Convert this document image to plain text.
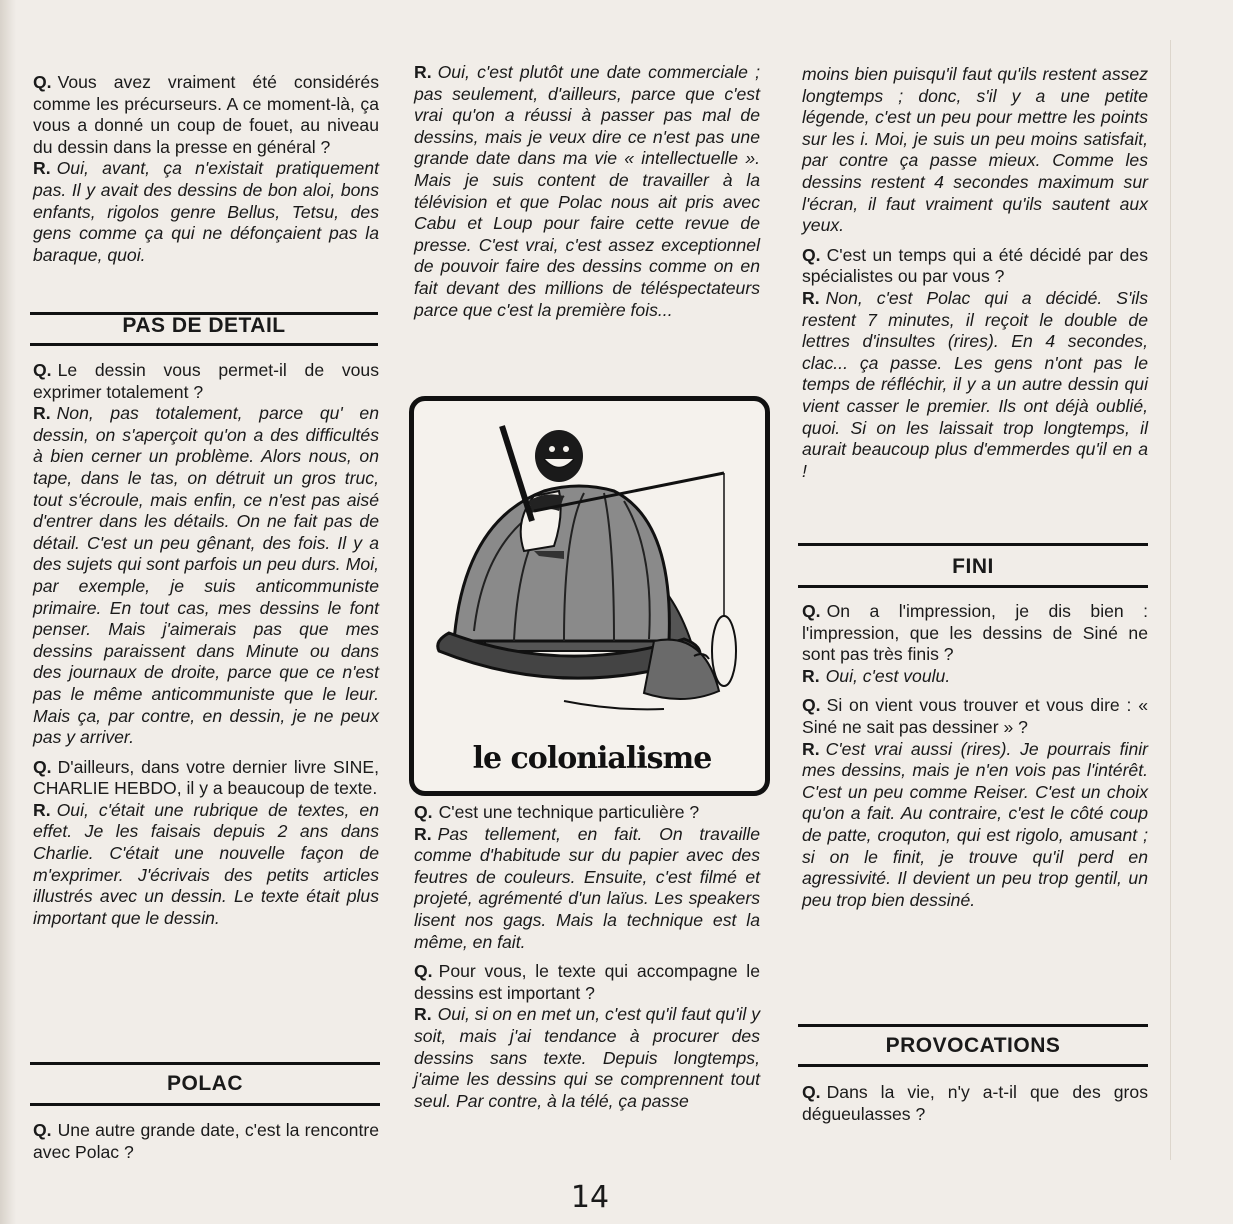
Q. Vous avez vraiment été considérés comme les précurseurs. A ce moment-là, ça vous a donné un coup de fouet, au niveau du dessin dans la presse en général ?
R. Oui, avant, ça n'existait pratiquement pas. Il y avait des dessins de bon aloi, bons enfants, rigolos genre Bellus, Tetsu, des gens comme ça qui ne défonçaient pas la baraque, quoi.

PAS DE DETAIL

Q. Le dessin vous permet-il de vous exprimer totalement ?
R. Non, pas totalement, parce qu' en dessin, on s'aperçoit qu'on a des difficultés à bien cerner un problème. Alors nous, on tape, dans le tas, on détruit un gros truc, tout s'écroule, mais enfin, ce n'est pas aisé d'entrer dans les détails. On ne fait pas de détail. C'est un peu gênant, des fois. Il y a des sujets qui sont parfois un peu durs. Moi, par exemple, je suis anticommuniste primaire. En tout cas, mes dessins le font penser. Mais j'aimerais pas que mes dessins paraissent dans Minute ou dans des journaux de droite, parce que ce n'est pas le même anticommuniste que le leur. Mais ça, par contre, en dessin, je ne peux pas y arriver.

Q. D'ailleurs, dans votre dernier livre SINE, CHARLIE HEBDO, il y a beaucoup de texte.
R. Oui, c'était une rubrique de textes, en effet. Je les faisais depuis 2 ans dans Charlie. C'était une nouvelle façon de m'exprimer. J'écrivais des petits articles illustrés avec un dessin. Le texte était plus important que le dessin.

POLAC

Q. Une autre grande date, c'est la rencontre avec Polac ?

R. Oui, c'est plutôt une date commerciale ; pas seulement, d'ailleurs, parce que c'est vrai qu'on a réussi à passer pas mal de dessins, mais je veux dire ce n'est pas une grande date dans ma vie « intellectuelle ». Mais je suis content de travailler à la télévision et que Polac nous ait pris avec Cabu et Loup pour faire cette revue de presse. C'est vrai, c'est assez exceptionnel de pouvoir faire des dessins comme on en fait devant des millions de téléspectateurs parce que c'est la première fois...

le colonialisme

Q. C'est une technique particulière ?
R. Pas tellement, en fait. On travaille comme d'habitude sur du papier avec des feutres de couleurs. Ensuite, c'est filmé et projeté, agrémenté d'un laïus. Les speakers lisent nos gags. Mais la technique est la même, en fait.

Q. Pour vous, le texte qui accompagne le dessins est important ?
R. Oui, si on en met un, c'est qu'il faut qu'il y soit, mais j'ai tendance à procurer des dessins sans texte. Depuis longtemps, j'aime les dessins qui se comprennent tout seul. Par contre, à la télé, ça passe

moins bien puisqu'il faut qu'ils restent assez longtemps ; donc, s'il y a une petite légende, c'est un peu pour mettre les points sur les i. Moi, je suis un peu moins satisfait, par contre ça passe mieux. Comme les dessins restent 4 secondes maximum sur l'écran, il faut vraiment qu'ils sautent aux yeux.

Q. C'est un temps qui a été décidé par des spécialistes ou par vous ?
R. Non, c'est Polac qui a décidé. S'ils restent 7 minutes, il reçoit le double de lettres d'insultes (rires). En 4 secondes, clac... ça passe. Les gens n'ont pas le temps de réfléchir, il y a un autre dessin qui vient casser le premier. Ils ont déjà oublié, quoi. Si on les laissait trop longtemps, il aurait beaucoup plus d'emmerdes qu'il en a !

FINI

Q. On a l'impression, je dis bien : l'impression, que les dessins de Siné ne sont pas très finis ?
R. Oui, c'est voulu.

Q. Si on vient vous trouver et vous dire : « Siné ne sait pas dessiner » ?
R. C'est vrai aussi (rires). Je pourrais finir mes dessins, mais je n'en vois pas l'intérêt. C'est un peu comme Reiser. C'est un choix qu'on a fait. Au contraire, c'est le côté coup de patte, croquton, qui est rigolo, amusant ; si on le finit, je trouve qu'il perd en agressivité. Il devient un peu trop gentil, un peu trop bien dessiné.

PROVOCATIONS

Q. Dans la vie, n'y a-t-il que des gros dégueulasses ?

14
